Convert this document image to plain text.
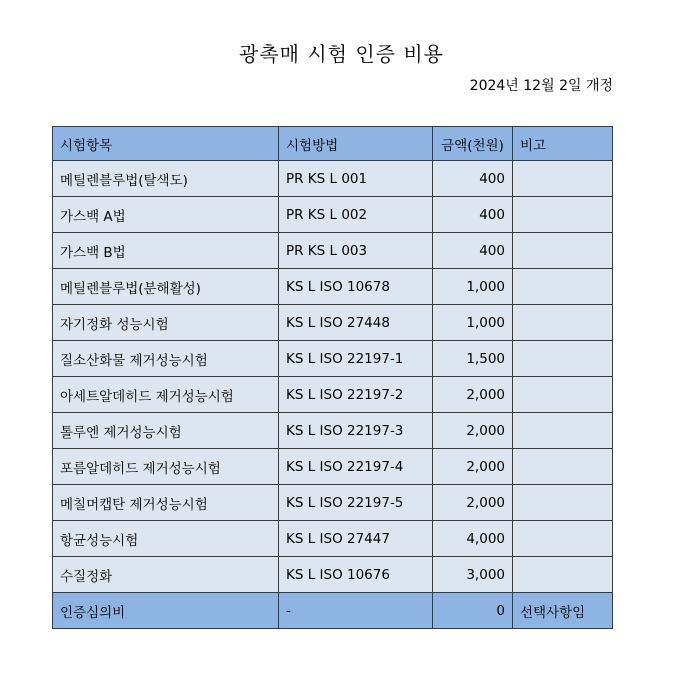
광촉매 시험 인증 비용
2024년 12월 2일 개정
시험항목	시험방법	금액(천원)	비고
메틸렌블루법(탈색도)	PR KS L 001	400	
가스백 A법	PR KS L 002	400	
가스백 B법	PR KS L 003	400	
메틸렌블루법(분해활성)	KS L ISO 10678	1,000	
자기정화 성능시험	KS L ISO 27448	1,000	
질소산화물 제거성능시험	KS L ISO 22197-1	1,500	
아세트알데히드 제거성능시험	KS L ISO 22197-2	2,000	
톨루엔 제거성능시험	KS L ISO 22197-3	2,000	
포름알데히드 제거성능시험	KS L ISO 22197-4	2,000	
메칠머캡탄 제거성능시험	KS L ISO 22197-5	2,000	
항균성능시험	KS L ISO 27447	4,000	
수질정화	KS L ISO 10676	3,000	
인증심의비	-	0	선택사항임
